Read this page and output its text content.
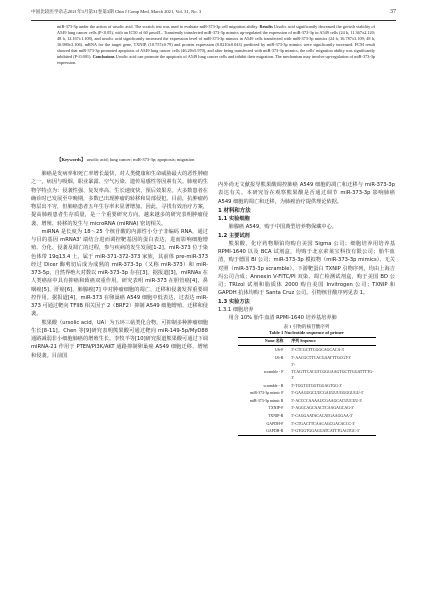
中国比较医学杂志2021年3月第31卷第3期 Chin J Comp Med, March 2021, Vol. 31, No. 3	37
miR-373-3p under the action of ursolic acid. The scratch test was used to evaluate miR-373-3p cell migration ability. Results Ursolic acid significantly decreased the growth viability of A549 lung cancer cells (P<0.05), with an IC50 of 60 μmol/L. Transiently transfected miR-373-3p mimics up-regulated the expression of miR-373-3p in A549 cells (24 h, 11.367±2.120; 48 h, 12.167±1.108), and ursolic acid significantly increased the expression level of miR-373-3p mimics in A549 cells transfected with miR-373-3p mimics (24 h, 16.787±3.109; 48 h, 16.980±3.106). mRNA for the target gene, TXNIP, (10.757±0.79) and protein expression (0.8210±0.043) predicted by miR-373-3p mimics were significantly increased. FCM result showed that miR-373-3p promoted apoptosis of A549 lung cancer cells (46.20±5.970), and after being transfected with miR-373-3p mimics, the cells' migration ability was significantly inhibited (P<0.001). Conclusions Ursolic acid can promote the apoptosis of A549 lung cancer cells and inhibit their migration. The mechanism may involve up-regulation of miR-373-3p expression.
【Keywords】 ursolic acid; lung cancer; miR-373-3p; apoptosis; migration

肺癌是发病率和死亡率增长最快，对人类健康和生命威胁最大的恶性肿瘤之一，病因与吸烟、职业暴露、空气污染、遗传易感性等因素有关。肺癌的生物学特点为：侵袭性强、复发率高、生长速度快，预后效果差。大多数患者在确诊时已发展至中晚期，多数已出现肿瘤的转移和局部侵犯。目前，抗肿瘤药物层出不穷，但肺癌患者五年生存率未显著增加。因此，寻找有效治疗方案，提高肺癌患者生存质量，是一个重要研究方向。越来越多的研究表明肿瘤侵袭、增殖、转移的发生与 microRNA (miRNA) 密切相关。

miRNA 是长度为 18～25 个核苷酸的内源性小分子非编码 RNA，通过与目的基因 mRNA3' 端结合进而调控靶基因的蛋白表达，进而影响细胞增殖、分化、侵袭及凋亡的过程，参与疾病的发生发展[1-2]。miR-373 位于染色体带 19q13.4 上，属于 miR-371-372-373 家族，其前体 pre-miR-373 经过 Dicer 酶剪切后成为成熟的 miR-373-3p（又称 miR-373）和 miR-373-5p，自然界绝大对数以 miR-373-3p 存在[3]。据报道[3]，miRNAs 在人类癌症中具有抑癌和致癌双重作用。研究表明 miR-373 在胆管癌[4]、鼻咽癌[5]、肝癌[6]、肺腺癌[7] 中对肿瘤细胞的凋亡、迁移和侵袭发挥重要调控作用。据报道[4]，miR-373 在卵巢癌 A549 细胞中低表达，过表达 miR-373 可通过靶向 TFIIB 相关因子 2（BRF2）抑制 A549 细胞增殖、迁移和侵袭。

熊果酸（ursolic acid，UA）为五环三萜类化合物，可抑制多种肿瘤细胞生长[8-11]。Chen 等[9]研究表明熊果酸可通过靶向 miR-149-5p/MyD88 通路减弱非小细胞肺癌的增殖生长。李牧羊等[10]研究报道熊果酸可通过下调 miRNA-21 作用于 PTEN/PI3K/AKT 通路抑制卵巢癌 A549 细胞迁移、增殖和侵袭。目前国

内外尚无文献报导熊果酸调控肺癌 A549 细胞的凋亡和迁移与 miR-373-3p 表达有关。本研究旨在观察熊果酸是否通过调节 miR-373-3p 影响肺癌 A549 细胞的凋亡和迁移，为肺癌治疗提供理论依据。

1 材料和方法

1.1 实验细胞

肺腺癌 A549，购于中国典型培养物保藏中心。

1.2 主要试剂

熊果酸、化疗药物顺铂均购自美国 Sigma 公司；细胞培养用培养基 RPMI-1640 以及 BCA 试剂盒，均购于北京索莱宝科技有限公司；胎牛血清，购于德国 BI 公司；miR-373-3p 模拟物（miR-373-3p mimics）、无关对照（miR-373-3p scramble）、下游靶蛋白 TXNIP 引物序列，均由上海吉玛公司合成；Annexin V-FITC/PI 双染、凋亡检测试剂盒，购于美国 BD 公司；TRIzol 试剂和脂质体 2000 购自美国 Invitrogen 公司；TXNIP 和 GAPDH 抗体均购于 Santa Cruz 公司。引物核苷酸序列见表 1。

1.3 实验方法

1.3.1 细胞培养

用含 10% 胎牛血清 RPMI-1640 培养基培养肺

表 1 引物的核苷酸序列
Table 1 Nucleotide sequence of primer
Name 名称	序列 Sequence
U6-F	5'-CTCGCTTCGGCAGCACA-3'
U6-R	5'-AACGCTTCACGAATTTGCGT-3'
scramble - F	5'-TCAGTTCACGTCGGGAAGTGCTTGGATTTTG-3'
scramble - R	5'-TGGTGTGGTGGAGTGG-3'
miR-373-3p mimic F	5'-GAAGUGCUUCGAUUUUGGGGUGU-3'
miR-373-3p mimic R	5'-ACCCCAAAAUCGAAGCACUUCUU-3'
TXNIP-F	5'-AGGCAGCAACTCAAGAGCAG-3'
TXNIP-R	5'-CAGGAATACACATGAAGGAA-3'
GAPDH-F	5'-CTGACTTCAACAGCGACACCC-3'
GAPDH-R	5'-GTGGTGGAGGATCATTTGAGTGC-3'
